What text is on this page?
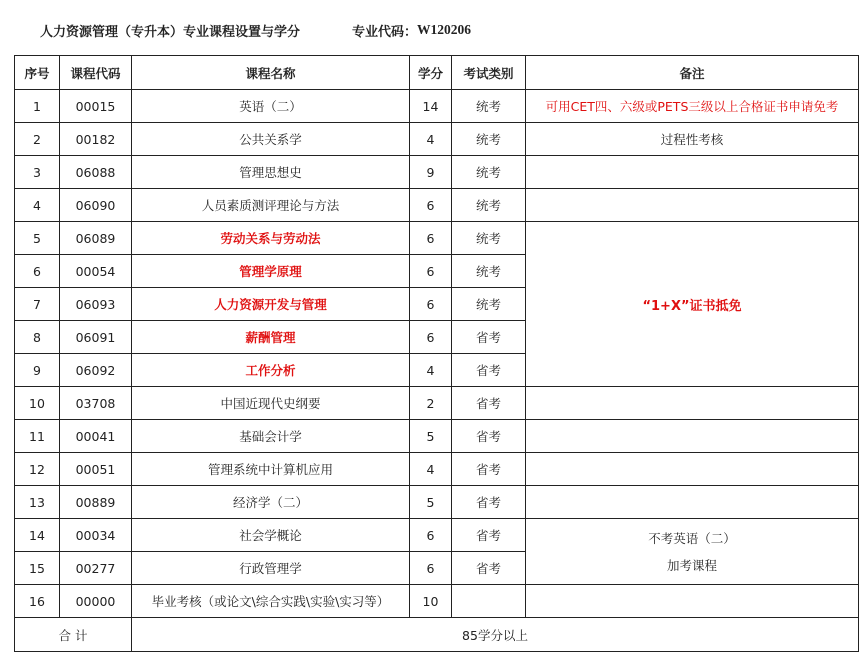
人力资源管理（专升本）专业课程设置与学分	专业代码： W120206
序号	课程代码	课程名称	学分	考试类别	备注
1	00015	英语（二）	14	统考	可用CET四、六级或PETS三级以上合格证书申请免考
2	00182	公共关系学	4	统考	过程性考核
3	06088	管理思想史	9	统考	
4	06090	人员素质测评理论与方法	6	统考	
5	06089	劳动关系与劳动法	6	统考	“1+X”证书抵免
6	00054	管理学原理	6	统考	
7	06093	人力资源开发与管理	6	统考	
8	06091	薪酬管理	6	省考	
9	06092	工作分析	4	省考	
10	03708	中国近现代史纲要	2	省考	
11	00041	基础会计学	5	省考	
12	00051	管理系统中计算机应用	4	省考	
13	00889	经济学（二）	5	省考	
14	00034	社会学概论	6	省考	不考英语（二）
加考课程

15	00277	行政管理学	6	省考	
16	00000	毕业考核（或论文\综合实践\实验\实习等）	10		
合 计		85学分以上			
